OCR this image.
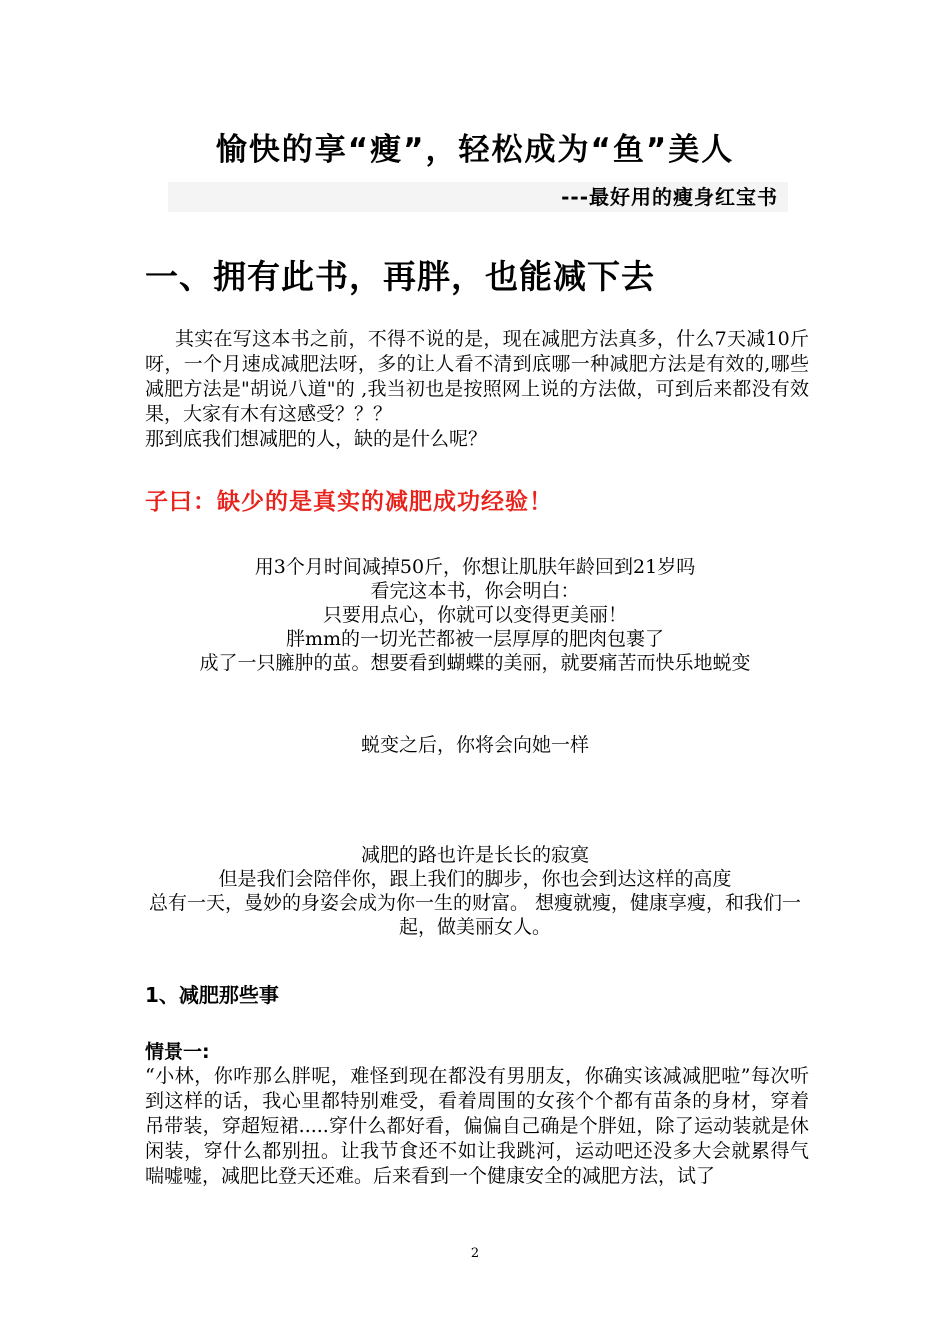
愉快的享“瘦”，轻松成为“鱼”美人
---最好用的瘦身红宝书
一、拥有此书，再胖，也能减下去

其实在写这本书之前，不得不说的是，现在减肥方法真多，什么7天减10斤呀，一个月速成减肥法呀，多的让人看不清到底哪一种减肥方法是有效的,哪些减肥方法是"胡说八道"的 ,我当初也是按照网上说的方法做，可到后来都没有效果，大家有木有这感受？？？

那到底我们想减肥的人，缺的是什么呢？

子曰：缺少的是真实的减肥成功经验！

用3个月时间减掉50斤，你想让肌肤年龄回到21岁吗

看完这本书，你会明白：

只要用点心，你就可以变得更美丽！

胖mm的一切光芒都被一层厚厚的肥肉包裹了

成了一只臃肿的茧。想要看到蝴蝶的美丽，就要痛苦而快乐地蜕变

蜕变之后，你将会向她一样

减肥的路也许是长长的寂寞

但是我们会陪伴你，跟上我们的脚步，你也会到达这样的高度

总有一天，曼妙的身姿会成为你一生的财富。 想瘦就瘦，健康享瘦，和我们一起，做美丽女人。

1、减肥那些事
情景一:

“小林，你咋那么胖呢，难怪到现在都没有男朋友，你确实该减减肥啦”每次听到这样的话，我心里都特别难受，看着周围的女孩个个都有苗条的身材，穿着吊带装，穿超短裙.....穿什么都好看，偏偏自己确是个胖妞，除了运动装就是休闲装，穿什么都别扭。让我节食还不如让我跳河，运动吧还没多大会就累得气喘嘘嘘，减肥比登天还难。后来看到一个健康安全的减肥方法，试了

2
